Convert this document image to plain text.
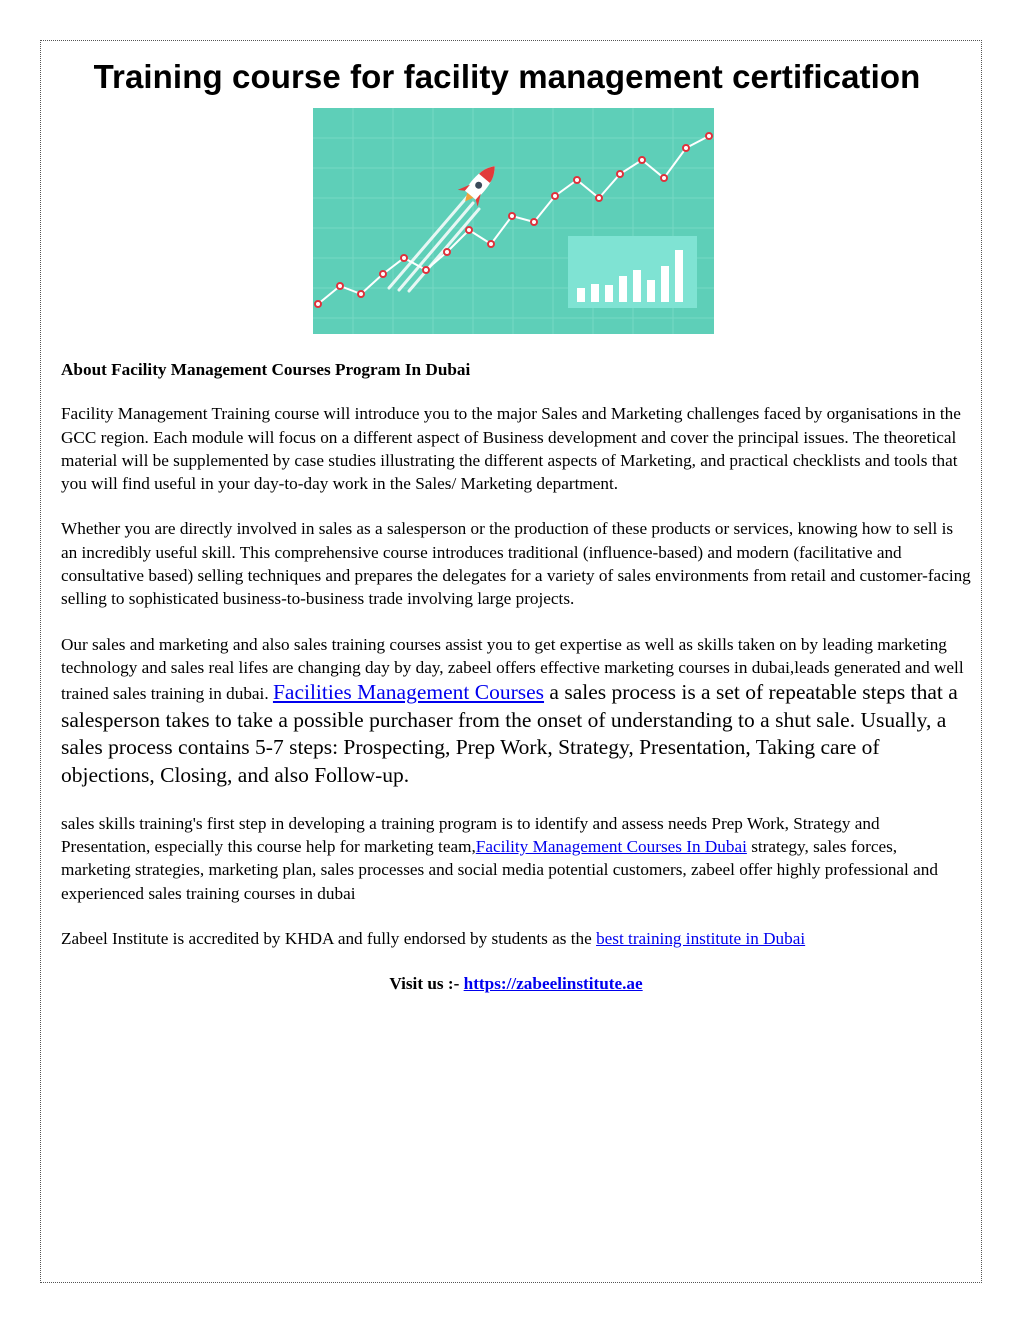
Training course for facility management certification

About Facility Management Courses Program In Dubai

Facility Management Training course will introduce you to the major Sales and Marketing challenges faced by organisations in the GCC region. Each module will focus on a different aspect of Business development and cover the principal issues. The theoretical material will be supplemented by case studies illustrating the different aspects of Marketing, and practical checklists and tools that you will find useful in your day-to-day work in the Sales/ Marketing department.

Whether you are directly involved in sales as a salesperson or the production of these products or services, knowing how to sell is an incredibly useful skill. This comprehensive course introduces traditional (influence-based) and modern (facilitative and consultative based) selling techniques and prepares the delegates for a variety of sales environments from retail and customer-facing selling to sophisticated business-to-business trade involving large projects.

Our sales and marketing and also sales training courses assist you to get expertise as well as skills taken on by leading marketing technology and sales real lifes are changing day by day, zabeel offers effective marketing courses in dubai,leads generated and well trained sales training in dubai. Facilities Management Courses a sales process is a set of repeatable steps that a salesperson takes to take a possible purchaser from the onset of understanding to a shut sale. Usually, a sales process contains 5-7 steps: Prospecting, Prep Work, Strategy, Presentation, Taking care of objections, Closing, and also Follow-up.

sales skills training's first step in developing a training program is to identify and assess needs Prep Work, Strategy and Presentation, especially this course help for marketing team,Facility Management Courses In Dubai strategy, sales forces, marketing strategies, marketing plan, sales processes and social media potential customers, zabeel offer highly professional and experienced sales training courses in dubai

Zabeel Institute is accredited by KHDA and fully endorsed by students as the best training institute in Dubai

Visit us :- https://zabeelinstitute.ae
